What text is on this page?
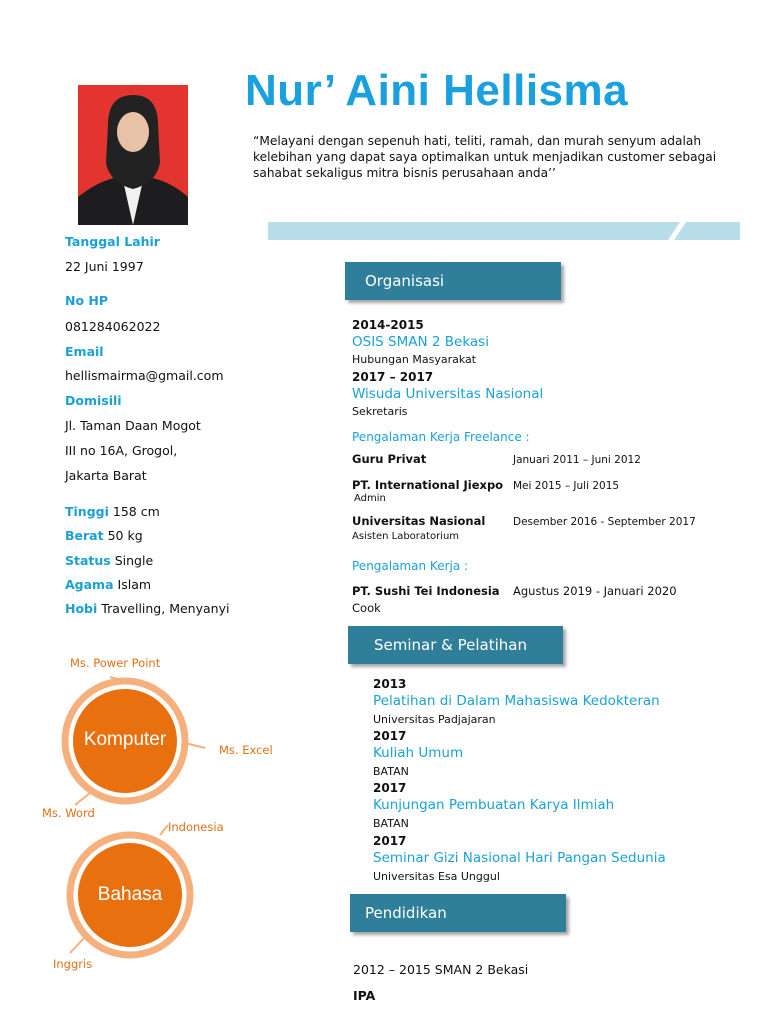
Nur’ Aini Hellisma
“Melayani dengan sepenuh hati, teliti, ramah, dan murah senyum adalah kelebihan yang dapat saya optimalkan untuk menjadikan customer sebagai sahabat sekaligus mitra bisnis perusahaan anda’’
Tanggal Lahir
22 Juni 1997
No HP
081284062022
Email
hellismairma@gmail.com
Domisili
Jl. Taman Daan Mogot
III no 16A, Grogol,
Jakarta Barat
Tinggi 158 cm
Berat 50 kg
Status Single
Agama Islam
Hobi Travelling, Menyanyi
Komputer
Bahasa
Ms. Power Point
Ms. Excel
Ms. Word
Indonesia
Inggris
Organisasi
2014-2015
OSIS SMAN 2 Bekasi
Hubungan Masyarakat
2017 – 2017
Wisuda Universitas Nasional
Sekretaris
Pengalaman Kerja Freelance :
Guru Privat	Januari 2011 – Juni 2012
PT. International Jiexpo
Admin
Mei 2015 – Juli 2015
Universitas Nasional
Asisten Laboratorium
Desember 2016 - September 2017
Pengalaman Kerja :
PT. Sushi Tei Indonesia
Cook
Agustus 2019 - Januari 2020
Seminar & Pelatihan
2013
Pelatihan di Dalam Mahasiswa Kedokteran
Universitas Padjajaran
2017
Kuliah Umum
BATAN
2017
Kunjungan Pembuatan Karya Ilmiah
BATAN
2017
Seminar Gizi Nasional Hari Pangan Sedunia
Universitas Esa Unggul
Pendidikan
2012 – 2015 SMAN 2 Bekasi
IPA
